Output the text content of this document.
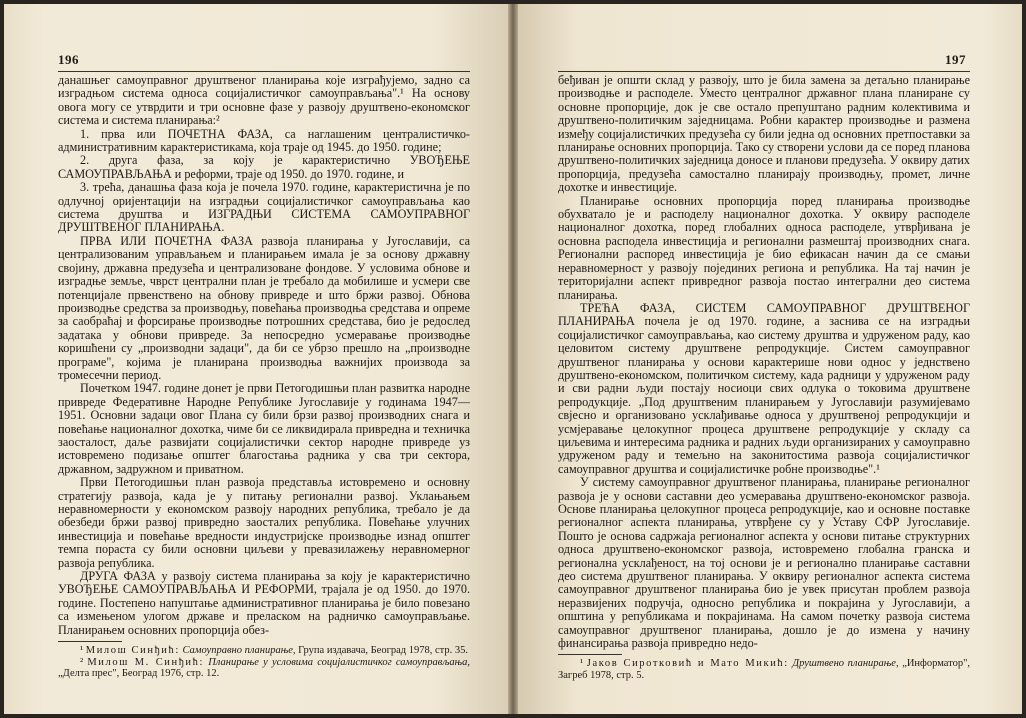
196

данашњег самоуправног друштвеног планирања које изграђујемо, задно са изградњом система односа социјалистичког самоуправљања".¹ На основу овога могу се утврдити и три основне фазе у развоју друштвено-економског система и система планирања:²

1. прва или ПОЧЕТНА ФАЗА, са наглашеним централистичко-административним карактеристикама, која траје од 1945. до 1950. године;

2. друга фаза, за коју је карактеристично УВОЂЕЊЕ САМОУПРАВЉАЊА и реформи, траје од 1950. до 1970. године, и

3. трећа, данашња фаза која је почела 1970. године, карактеристична је по одлучној оријентацији на изградњи социјалистичког самоуправљања као система друштва и ИЗГРАДЊИ СИСТЕМА САМОУПРАВНОГ ДРУШТВЕНОГ ПЛАНИРАЊА.

ПРВА ИЛИ ПОЧЕТНА ФАЗА развоја планирања у Југославији, са централизованим управљањем и планирањем имала је за основу државну својину, државна предузећа и централизоване фондове. У условима обнове и изградње земље, чврст централни план је требало да мобилише и усмери све потенцијале првенствено на обнову привреде и што бржи развој. Обнова производње средства за производњу, повећања производња средстава и опреме за саобраћај и форсирање производње потрошних средстава, био је редослед задатака у обнови привреде. За непосредно усмеравање производње коришћени су „производни задаци", да би се убрзо прешло на „производне програме", којима је планирана производња важнијих производа за тромесечни период.

Почетком 1947. године донет је први Петогодишњи план развитка народне привреде Федеративне Народне Републике Југославије у годинама 1947—1951. Основни задаци овог Плана су били брзи развој производних снага и повећање националног дохотка, чиме би се ликвидирала привредна и техничка заосталост, даље развијати социјалистички сектор народне привреде уз истовремено подизање општег благостања радника у сва три сектора, државном, задружном и приватном.

Први Петогодишњи план развоја представља истовремено и основну стратегију развоја, када је у питању регионални развој. Уклањањем неравномерности у економском развоју народних република, требало је да обезбеди бржи развој привредно заосталих република. Повећање улучних инвестиција и повећање вредности индустријске производње изнад општег темпа пораста су били основни циљеви у превазилажењу неравномерног развоја република.

ДРУГА ФАЗА у развоју система планирања за коју је карактеристично УВОЂЕЊЕ САМОУПРАВЉАЊА И РЕФОРМИ, трајала је од 1950. до 1970. године. Постепено напуштање административног планирања је било повезано са измењеном улогом државе и преласком на радничко самоуправљање. Планирањем основних пропорција обез-

¹ Милош Синђић: Самоуправно планирање, Група издавача, Београд 1978, стр. 35.

² Милош М. Синђић: Планирање у условима социјалистичког самоуправљања, „Делта прес", Београд 1976, стр. 12.

197

беђиван је општи склад у развоју, што је била замена за детаљно планирање производње и расподеле. Уместо централног државног плана планиране су основне пропорције, док је све остало препуштано радним колективима и друштвено-политичким заједницама. Робни карактер производње и размена између социјалистичких предузећа су били једна од основних претпоставки за планирање основних пропорција. Тако су створени услови да се поред планова друштвено-политичких заједница доносе и планови предузећа. У оквиру датих пропорција, предузећа самостално планирају производњу, промет, личне дохотке и инвестиције.

Планирање основних пропорција поред планирања производње обухватало је и расподелу националног дохотка. У оквиру расподеле националног дохотка, поред глобалних односа расподеле, утврђивана је основна расподела инвестиција и регионални размештај производних снага. Регионални распоред инвестиција је био ефикасан начин да се смањи неравномерност у развоју појединих региона и република. На тај начин је територијални аспект привредног развоја постао интегрални део система планирања.

ТРЕЋА ФАЗА, СИСТЕМ САМОУПРАВНОГ ДРУШТВЕНОГ ПЛАНИРАЊА почела је од 1970. године, а заснива се на изградњи социјалистичког самоуправљања, као систему друштва и удруженом раду, као целовитом систему друштвене репродукције. Систем самоуправног друштвеног планирања у основи карактерише нови однос у једнствено друштвено-економском, политичком систему, када радници у удруженом раду и сви радни људи постају носиоци свих одлука о токовима друштвене репродукције. „Под друштвеним планирањем у Југославији разумијевамо свјесно и организовано усклађивање односа у друштвеној репродукцији и усмјеравање целокупног процеса друштвене репродукције у складу са циљевима и интересима радника и радних људи организираних у самоуправно удруженом раду и темељно на законитостима развоја социјалистичког самоуправног друштва и социјалистичке робне производње".¹

У систему самоуправног друштвеног планирања, планирање регионалног развоја је у основи саставни део усмеравања друштвено-економског развоја. Основе планирања целокупног процеса репродукције, као и основне поставке регионалног аспекта планирања, утврђене су у Уставу СФР Југославије. Пошто је основа садржаја регионалног аспекта у основи питање структурних односа друштвено-економског развоја, истовремено глобална гранска и регионална усклађеност, на тој основи је и регионално планирање саставни део система друштвеног планирања. У оквиру регионалног аспекта система самоуправног друштвеног планирања био је увек присутан проблем развоја неразвијених подручја, односно република и покрајина у Југославији, а општина у републикама и покрајинама. На самом почетку развоја система самоуправног друштвеног планирања, дошло је до измена у начину финансирања развоја привредно недо-

¹ Јаков Сиротковић и Мато Микић: Друштвено планирање, „Информатор", Загреб 1978, стр. 5.
